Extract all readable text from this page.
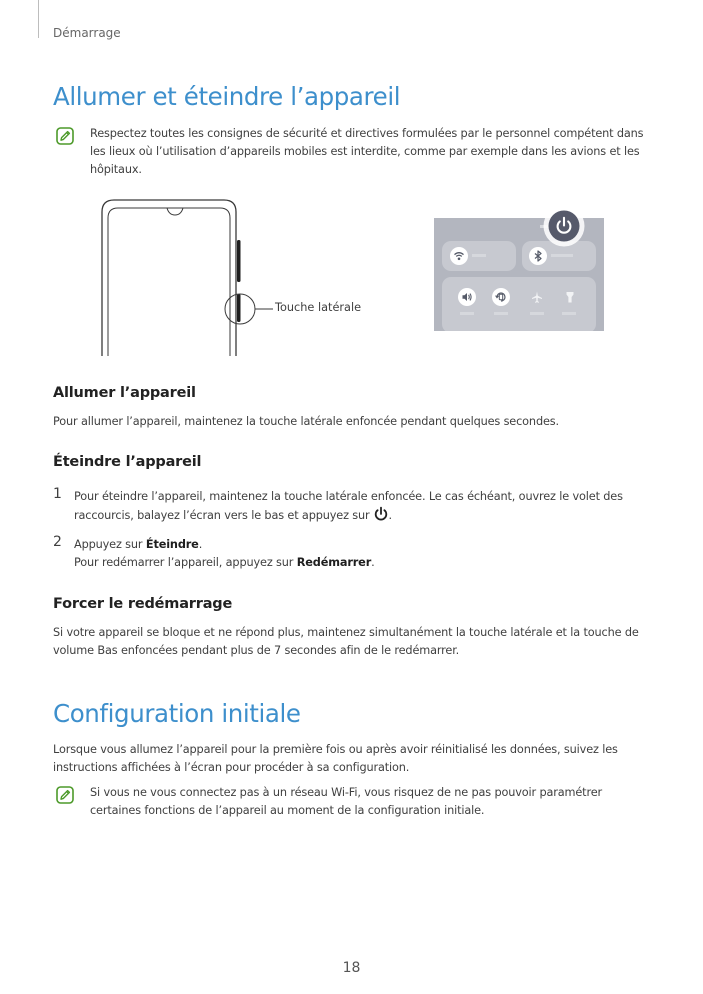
Démarrage
Allumer et éteindre l’appareil
Respectez toutes les consignes de sécurité et directives formulées par le personnel compétent dans les lieux où l’utilisation d’appareils mobiles est interdite, comme par exemple dans les avions et les hôpitaux.
Touche latérale
Allumer l’appareil
Pour allumer l’appareil, maintenez la touche latérale enfoncée pendant quelques secondes.
Éteindre l’appareil
1 Pour éteindre l’appareil, maintenez la touche latérale enfoncée. Le cas échéant, ouvrez le volet des raccourcis, balayez l’écran vers le bas et appuyez sur .
2 Appuyez sur Éteindre.
Pour redémarrer l’appareil, appuyez sur Redémarrer.
Forcer le redémarrage
Si votre appareil se bloque et ne répond plus, maintenez simultanément la touche latérale et la touche de volume Bas enfoncées pendant plus de 7 secondes afin de le redémarrer.
Configuration initiale
Lorsque vous allumez l’appareil pour la première fois ou après avoir réinitialisé les données, suivez les instructions affichées à l’écran pour procéder à sa configuration.
Si vous ne vous connectez pas à un réseau Wi-Fi, vous risquez de ne pas pouvoir paramétrer certaines fonctions de l’appareil au moment de la configuration initiale.
18
